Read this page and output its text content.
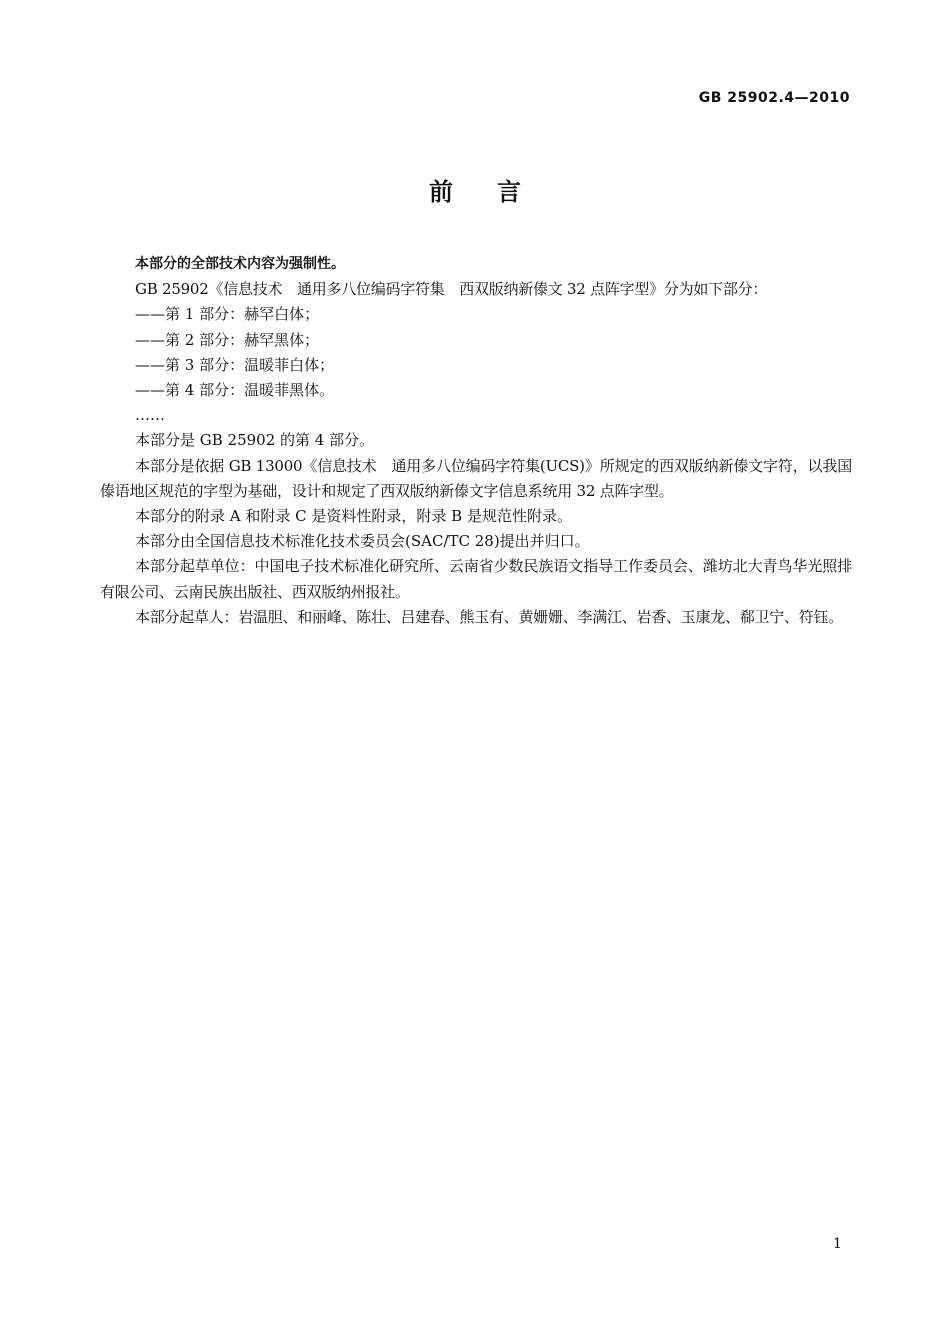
GB 25902.4—2010
前言

本部分的全部技术内容为强制性。

GB 25902《信息技术　通用多八位编码字符集　西双版纳新傣文 32 点阵字型》分为如下部分：

——第 1 部分：赫罕白体；
——第 2 部分：赫罕黑体；
——第 3 部分：温暖菲白体；
——第 4 部分：温暖菲黑体。
……

本部分是 GB 25902 的第 4 部分。

本部分是依据 GB 13000《信息技术　通用多八位编码字符集(UCS)》所规定的西双版纳新傣文字符，以我国傣语地区规范的字型为基础，设计和规定了西双版纳新傣文字信息系统用 32 点阵字型。

本部分的附录 A 和附录 C 是资料性附录，附录 B 是规范性附录。

本部分由全国信息技术标准化技术委员会(SAC/TC 28)提出并归口。

本部分起草单位：中国电子技术标准化研究所、云南省少数民族语文指导工作委员会、潍坊北大青鸟华光照排有限公司、云南民族出版社、西双版纳州报社。

本部分起草人：岩温胆、和丽峰、陈壮、吕建春、熊玉有、黄姗姗、李满江、岩香、玉康龙、郗卫宁、符钰。

1
